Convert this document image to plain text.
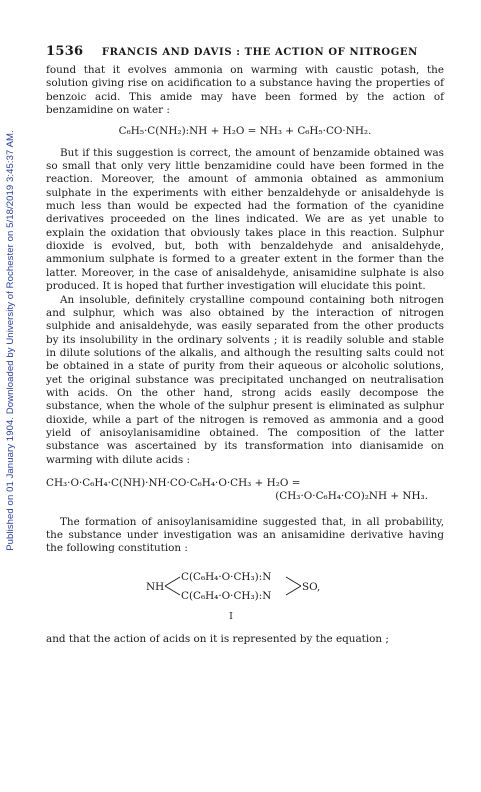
Published on 01 January 1904. Downloaded by University of Rochester on 5/18/2019 3:45:37 AM.
1536 FRANCIS AND DAVIS : THE ACTION OF NITROGEN

found that it evolves ammonia on warming with caustic potash, the solution giving rise on acidification to a substance having the properties of benzoic acid. This amide may have been formed by the action of benzamidine on water :

C₆H₅·C(NH₂):NH + H₂O = NH₃ + C₆H₅·CO·NH₂.

But if this suggestion is correct, the amount of benzamide obtained was so small that only very little benzamidine could have been formed in the reaction. Moreover, the amount of ammonia obtained as ammonium sulphate in the experiments with either benzaldehyde or anisaldehyde is much less than would be expected had the formation of the cyanidine derivatives proceeded on the lines indicated. We are as yet unable to explain the oxidation that obviously takes place in this reaction. Sulphur dioxide is evolved, but, both with benzaldehyde and anisaldehyde, ammonium sulphate is formed to a greater extent in the former than the latter. Moreover, in the case of anisaldehyde, anisamidine sulphate is also produced. It is hoped that further investigation will elucidate this point.

An insoluble, definitely crystalline compound containing both nitrogen and sulphur, which was also obtained by the interaction of nitrogen sulphide and anisaldehyde, was easily separated from the other products by its insolubility in the ordinary solvents ; it is readily soluble and stable in dilute solutions of the alkalis, and although the resulting salts could not be obtained in a state of purity from their aqueous or alcoholic solutions, yet the original substance was precipitated unchanged on neutralisation with acids. On the other hand, strong acids easily decompose the substance, when the whole of the sulphur present is eliminated as sulphur dioxide, while a part of the nitrogen is removed as ammonia and a good yield of anisoylanisamidine obtained. The composition of the latter substance was ascertained by its transformation into dianisamide on warming with dilute acids :

CH₃·O·C₆H₄·C(NH)·NH·CO·C₆H₄·O·CH₃ + H₂O =

(CH₃·O·C₆H₄·CO)₂NH + NH₃.

The formation of anisoylanisamidine suggested that, in all probability, the substance under investigation was an anisamidine derivative having the following constitution :

NH
C(C₆H₄·O·CH₃):N
C(C₆H₄·O·CH₃):N
SO,

I

and that the action of acids on it is represented by the equation ;
